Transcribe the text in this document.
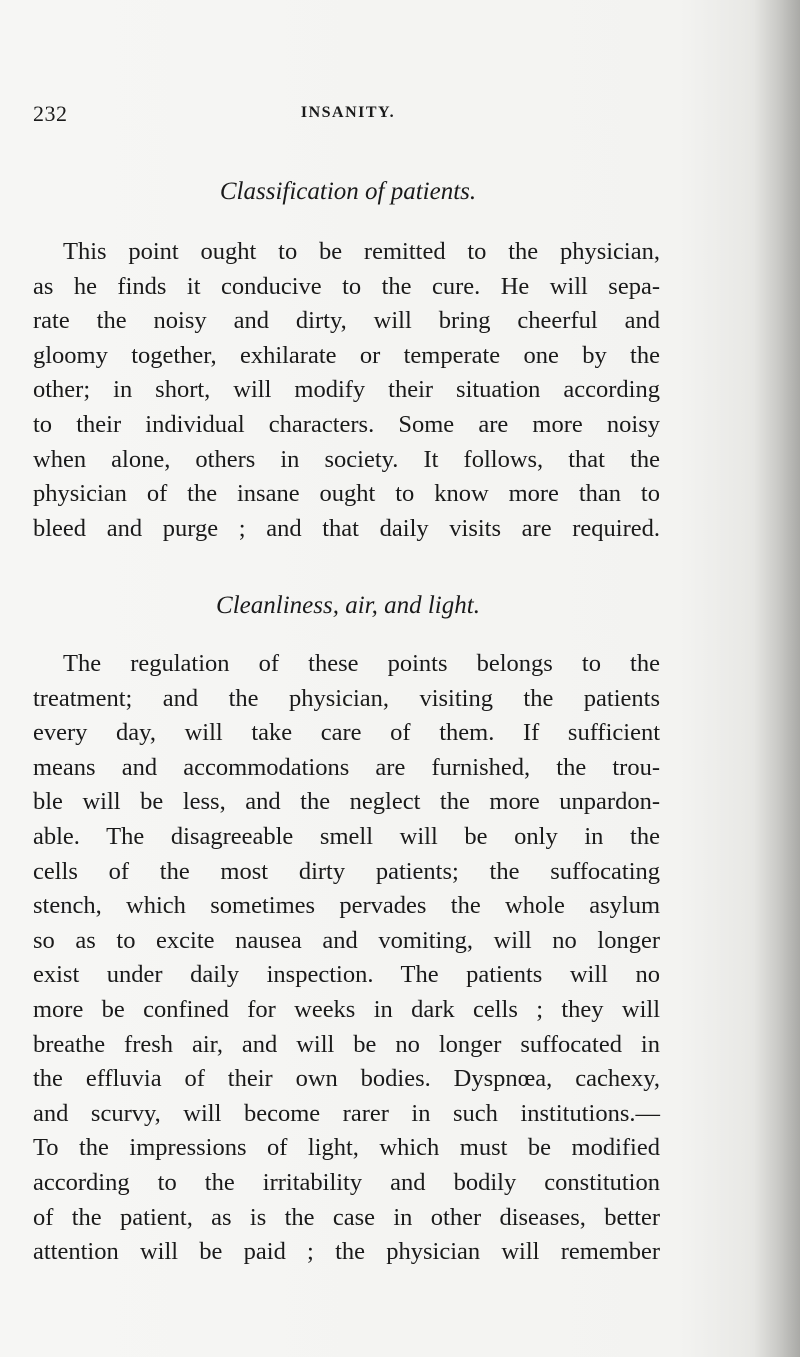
232	INSANITY.
Classification of patients.
This point ought to be remitted to the physician,
as he finds it conducive to the cure. He will sepa-
rate the noisy and dirty, will bring cheerful and
gloomy together, exhilarate or temperate one by the
other; in short, will modify their situation according
to their individual characters. Some are more noisy
when alone, others in society. It follows, that the
physician of the insane ought to know more than to
bleed and purge ; and that daily visits are required.
Cleanliness, air, and light.
The regulation of these points belongs to the
treatment; and the physician, visiting the patients
every day, will take care of them. If sufficient
means and accommodations are furnished, the trou-
ble will be less, and the neglect the more unpardon-
able. The disagreeable smell will be only in the
cells of the most dirty patients; the suffocating
stench, which sometimes pervades the whole asylum
so as to excite nausea and vomiting, will no longer
exist under daily inspection. The patients will no
more be confined for weeks in dark cells ; they will
breathe fresh air, and will be no longer suffocated in
the effluvia of their own bodies. Dyspnœa, cachexy,
and scurvy, will become rarer in such institutions.—
To the impressions of light, which must be modified
according to the irritability and bodily constitution
of the patient, as is the case in other diseases, better
attention will be paid ; the physician will remember
